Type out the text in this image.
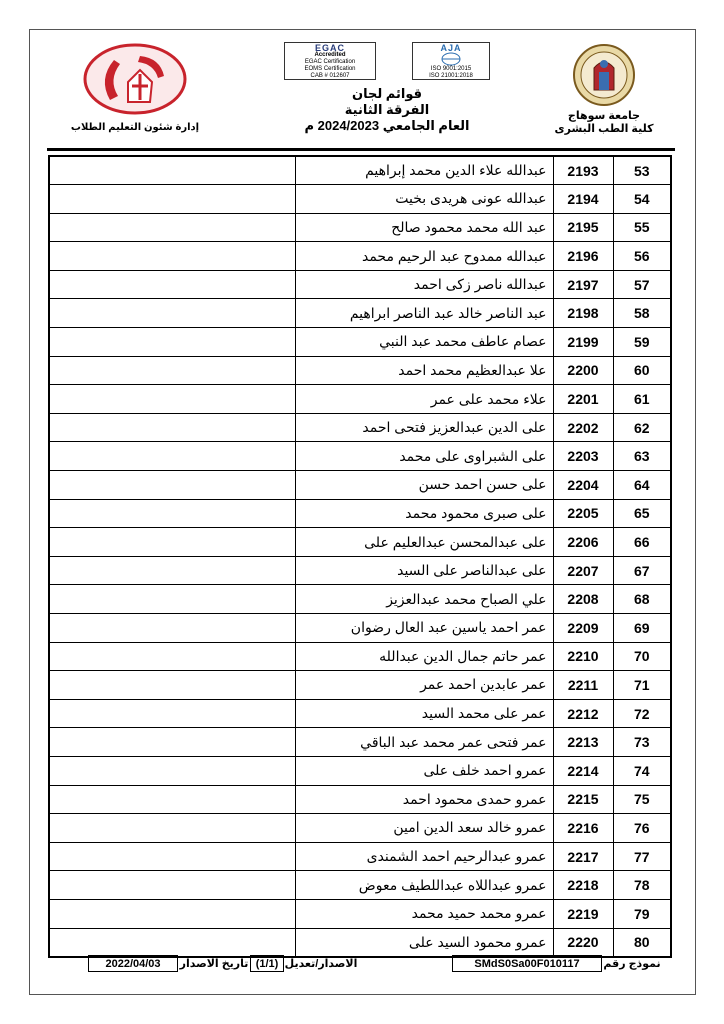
جامعة سوهاج
كلية الطب البشرى
EGAC
Accredited
EGAC Certification
EOMS Certification
CAB # 012607
AJA
ISO 9001:2015
ISO 21001:2018
قوائم لجان
الفرقة الثانية
العام الجامعي 2024/2023 م
إدارة شئون التعليم الطلاب
53	2193	عبدالله علاء الدين محمد إبراهيم	
54	2194	عبدالله عونى هريدى بخيت	
55	2195	عبد الله محمد محمود صالح	
56	2196	عبدالله ممدوح عبد الرحيم محمد	
57	2197	عبدالله ناصر زكى احمد	
58	2198	عبد الناصر خالد عبد الناصر ابراهيم	
59	2199	عصام عاطف محمد عبد النبي	
60	2200	علا عبدالعظيم محمد احمد	
61	2201	علاء محمد على عمر	
62	2202	على الدين عبدالعزيز فتحى احمد	
63	2203	على الشبراوى على محمد	
64	2204	على حسن احمد حسن	
65	2205	على صبرى محمود محمد	
66	2206	على عبدالمحسن عبدالعليم على	
67	2207	على عبدالناصر على السيد	
68	2208	علي الصباح محمد عبدالعزيز	
69	2209	عمر احمد ياسين عبد العال رضوان	
70	2210	عمر حاتم جمال الدين عبدالله	
71	2211	عمر عابدين احمد عمر	
72	2212	عمر على محمد السيد	
73	2213	عمر فتحى عمر محمد عبد الباقي	
74	2214	عمرو احمد خلف على	
75	2215	عمرو حمدى محمود احمد	
76	2216	عمرو خالد سعد الدين امين	
77	2217	عمرو عبدالرحيم احمد الشمندى	
78	2218	عمرو عبداللاه عبداللطيف معوض	
79	2219	عمرو محمد حميد محمد	
80	2220	عمرو محمود السيد على	
نموذج رقم
SMdS0Sa00F010117
الاصدار/تعديل
(1/1)
تاريخ الاصدار
2022/04/03
